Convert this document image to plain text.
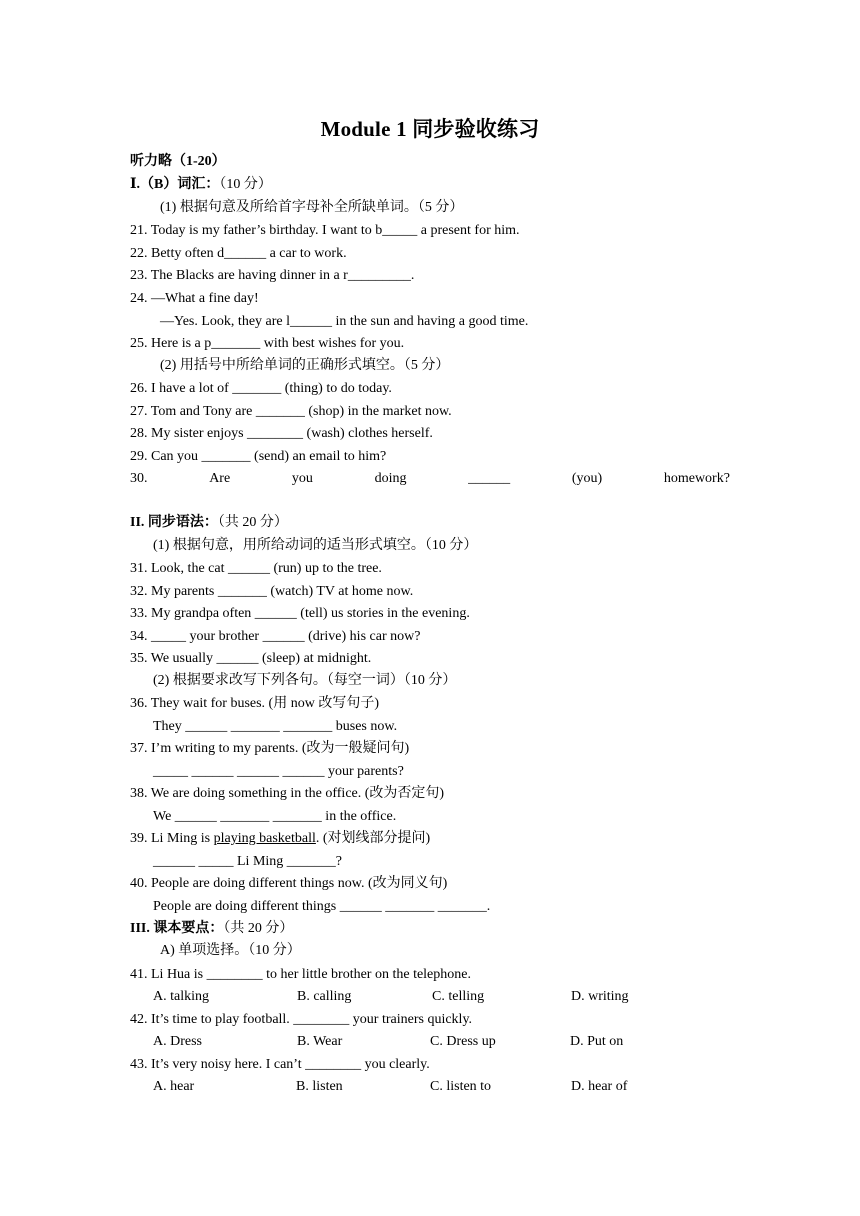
Module 1 同步验收练习
听力略（1-20）
Ⅰ.（B）词汇：（10 分）
(1) 根据句意及所给首字母补全所缺单词。（5 分）
21. Today is my father’s birthday. I want to b_____ a present for him.
22. Betty often d______ a car to work.
23. The Blacks are having dinner in a r_________.
24. —What a fine day!
—Yes. Look, they are l______ in the sun and having a good time.
25. Here is a p_______ with best wishes for you.
(2) 用括号中所给单词的正确形式填空。（5 分）
26. I have a lot of _______ (thing) to do today.
27. Tom and Tony are _______ (shop) in the market now.
28. My sister enjoys ________ (wash) clothes herself.
29. Can you _______ (send) an email to him?
30.	Are	you	doing	______	(you)	homework?
II. 同步语法：（共 20 分）
(1) 根据句意，用所给动词的适当形式填空。（10 分）
31. Look, the cat ______ (run) up to the tree.
32. My parents _______ (watch) TV at home now.
33. My grandpa often ______ (tell) us stories in the evening.
34. _____ your brother ______ (drive) his car now?
35. We usually ______ (sleep) at midnight.
(2) 根据要求改写下列各句。（每空一词）（10 分）
36. They wait for buses. (用 now 改写句子)
They ______ _______ _______ buses now.
37. I’m writing to my parents. (改为一般疑问句)
_____ ______ ______ ______ your parents?
38. We are doing something in the office. (改为否定句)
We ______ _______ _______ in the office.
39. Li Ming is playing basketball. (对划线部分提问)
______ _____ Li Ming _______?
40. People are doing different things now. (改为同义句)
People are doing different things ______ _______ _______.
III. 课本要点：（共 20 分）
A) 单项选择。（10 分）
41. Li Hua is ________ to her little brother on the telephone.
A. talking	B. calling	C. telling	D. writing
42. It’s time to play football. ________ your trainers quickly.
A. Dress	B. Wear	C. Dress up	D. Put on
43. It’s very noisy here. I can’t ________ you clearly.
A. hear	B. listen	C. listen to	D. hear of
